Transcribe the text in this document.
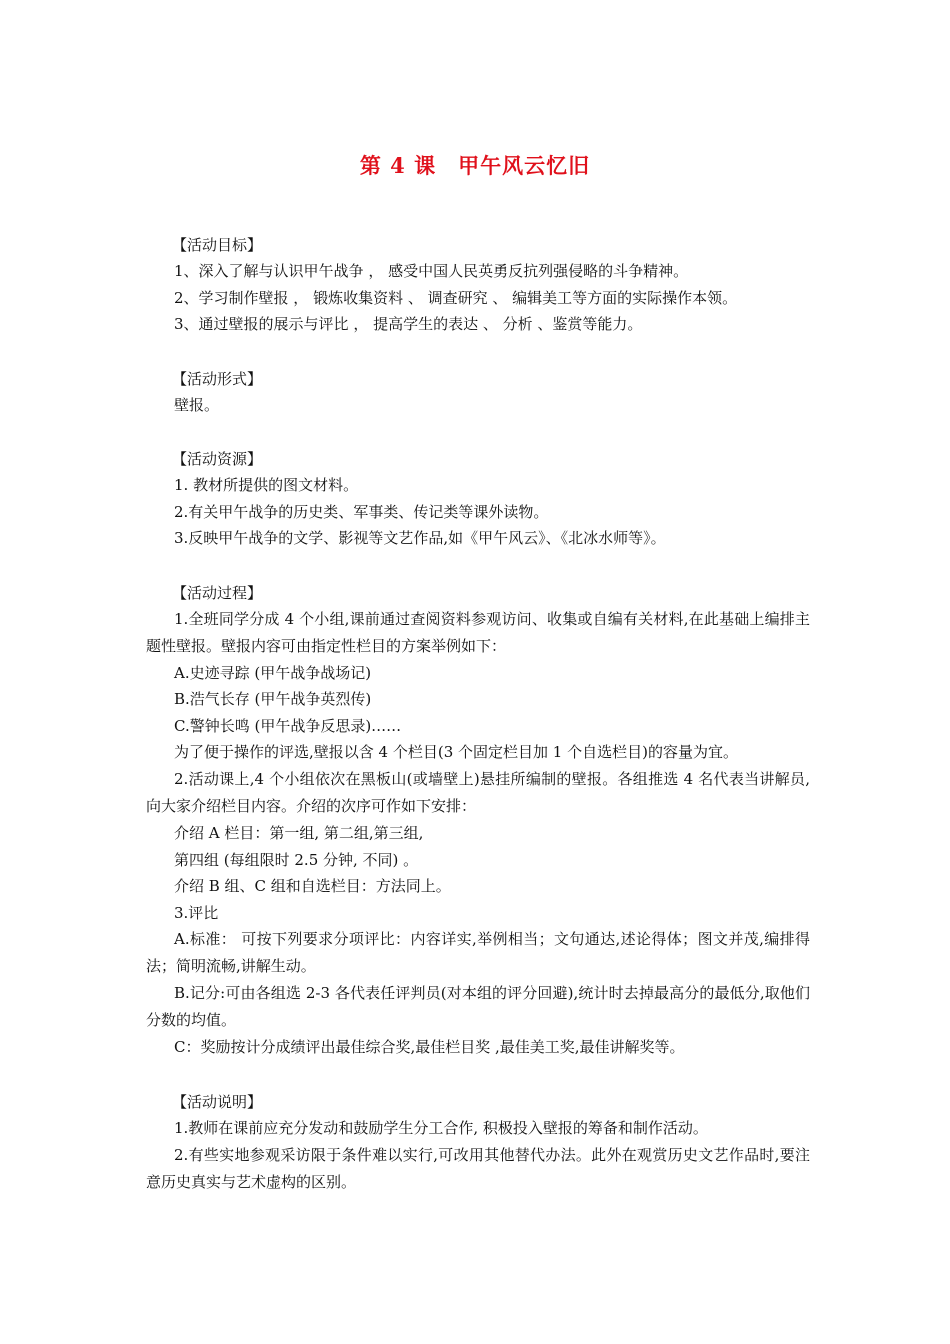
第 4 课　甲午风云忆旧
【活动目标】
1、深入了解与认识甲午战争 ， 感受中国人民英勇反抗列强侵略的斗争精神。
2、学习制作壁报 ， 锻炼收集资料 、 调查研究 、 编辑美工等方面的实际操作本领。
3、通过壁报的展示与评比 ， 提高学生的表达 、 分析 、鉴赏等能力。
【活动形式】
壁报。
【活动资源】
1. 教材所提供的图文材料。
2.有关甲午战争的历史类、军事类、传记类等课外读物。
3.反映甲午战争的文学、影视等文艺作品,如《甲午风云》、《北冰水师等》。
【活动过程】
1.全班同学分成 4 个小组,课前通过查阅资料参观访问、收集或自编有关材料,在此基础上编排主题性壁报。壁报内容可由指定性栏目的方案举例如下：
A.史迹寻踪 (甲午战争战场记)
B.浩气长存 (甲午战争英烈传)
C.警钟长鸣 (甲午战争反思录)……
为了便于操作的评选,壁报以含 4 个栏目(3 个固定栏目加 1 个自选栏目)的容量为宜。
2.活动课上,4 个小组依次在黑板山(或墙壁上)悬挂所编制的壁报。各组推选 4 名代表当讲解员,向大家介绍栏目内容。介绍的次序可作如下安排：
介绍 A 栏目：第一组, 第二组,第三组,
第四组 (每组限时 2.5 分钟, 不同) 。
介绍 B 组、C 组和自选栏目：方法同上。
3.评比
A.标准： 可按下列要求分项评比：内容详实,举例相当；文句通达,述论得体；图文并茂,编排得法；简明流畅,讲解生动。
B.记分:可由各组选 2-3 各代表任评判员(对本组的评分回避),统计时去掉最高分的最低分,取他们分数的均值。
C：奖励按计分成绩评出最佳综合奖,最佳栏目奖 ,最佳美工奖,最佳讲解奖等。
【活动说明】
1.教师在课前应充分发动和鼓励学生分工合作, 积极投入壁报的筹备和制作活动。
2.有些实地参观采访限于条件难以实行,可改用其他替代办法。此外在观赏历史文艺作品时,要注意历史真实与艺术虚构的区别。
